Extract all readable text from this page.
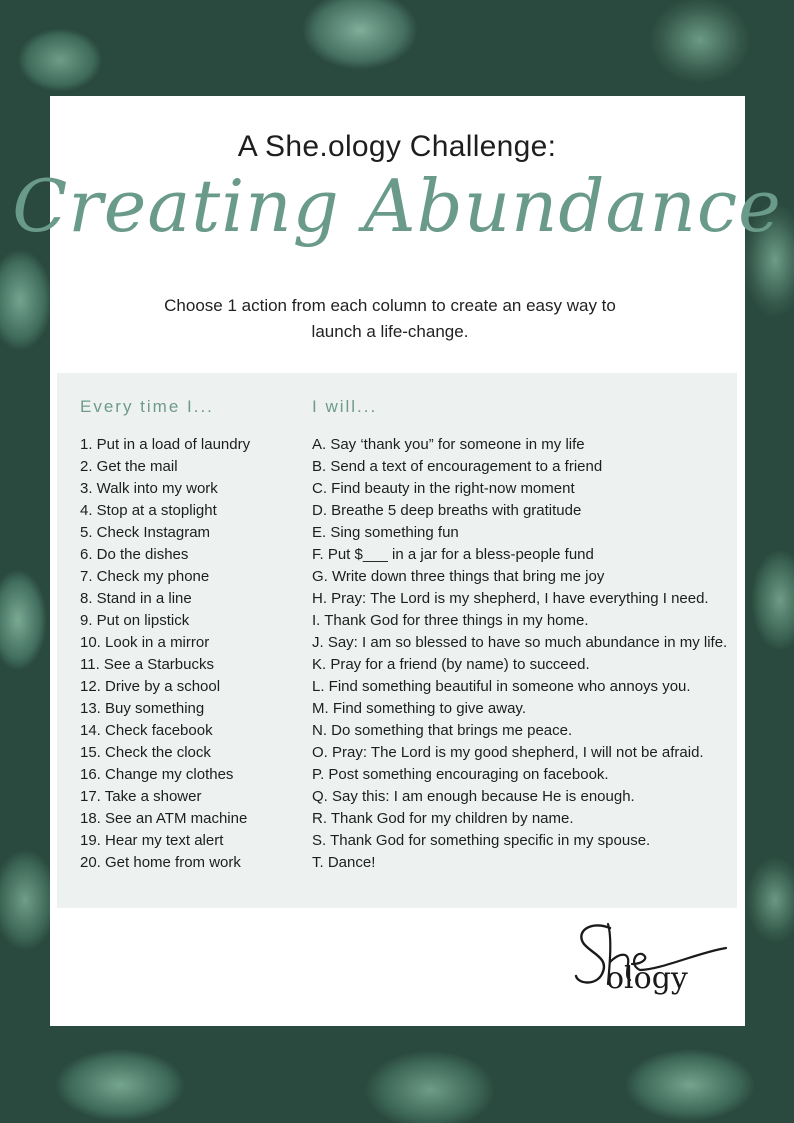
A She.ology Challenge:
Creating Abundance
Choose 1 action from each column to create an easy way to launch a life-change.
Every time I...	I will...
1. Put in a load of laundry
2. Get the mail
3. Walk into my work
4. Stop at a stoplight
5. Check Instagram
6. Do the dishes
7. Check my phone
8. Stand in a line
9. Put on lipstick
10. Look in a mirror
11. See a Starbucks
12. Drive by a school
13. Buy something
14. Check facebook
15. Check the clock
16. Change my clothes
17. Take a shower
18. See an ATM machine
19. Hear my text alert
20. Get home from work
A. Say ‘thank you” for someone in my life
B. Send a text of encouragement to a friend
C. Find beauty in the right-now moment
D. Breathe 5 deep breaths with gratitude
E. Sing something fun
F. Put $___ in a jar for a bless-people fund
G. Write down three things that bring me joy
H. Pray: The Lord is my shepherd, I have everything I need.
I. Thank God for three things in my home.
J. Say: I am so blessed to have so much abundance in my life.
K. Pray for a friend (by name) to succeed.
L. Find something beautiful in someone who annoys you.
M. Find something to give away.
N. Do something that brings me peace.
O. Pray: The Lord is my good shepherd, I will not be afraid.
P. Post something encouraging on facebook.
Q. Say this: I am enough because He is enough.
R. Thank God for my children by name.
S. Thank God for something specific in my spouse.
T. Dance!
ology
